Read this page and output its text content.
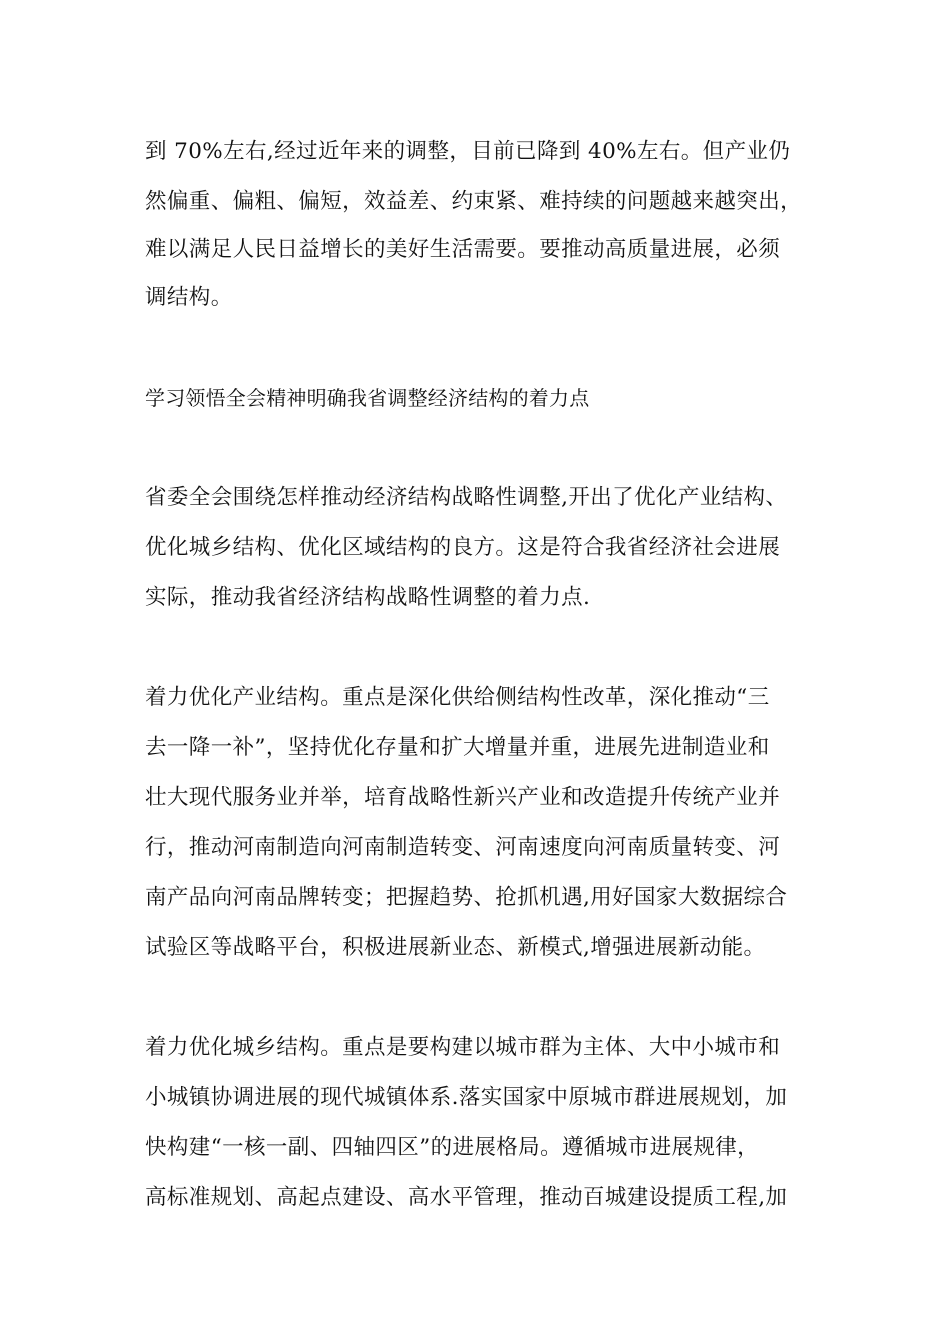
到 70%左右,经过近年来的调整，目前已降到 40%左右。但产业仍
然偏重、偏粗、偏短，效益差、约束紧、难持续的问题越来越突出，
难以满足人民日益增长的美好生活需要。要推动高质量进展，必须
调结构。
学习领悟全会精神明确我省调整经济结构的着力点
省委全会围绕怎样推动经济结构战略性调整,开出了优化产业结构、
优化城乡结构、优化区域结构的良方。这是符合我省经济社会进展
实际，推动我省经济结构战略性调整的着力点.
着力优化产业结构。重点是深化供给侧结构性改革，深化推动“三
去一降一补”，坚持优化存量和扩大增量并重，进展先进制造业和
壮大现代服务业并举，培育战略性新兴产业和改造提升传统产业并
行，推动河南制造向河南制造转变、河南速度向河南质量转变、河
南产品向河南品牌转变；把握趋势、抢抓机遇,用好国家大数据综合
试验区等战略平台，积极进展新业态、新模式,增强进展新动能。
着力优化城乡结构。重点是要构建以城市群为主体、大中小城市和
小城镇协调进展的现代城镇体系.落实国家中原城市群进展规划，加
快构建“一核一副、四轴四区”的进展格局。遵循城市进展规律，
高标准规划、高起点建设、高水平管理，推动百城建设提质工程,加
